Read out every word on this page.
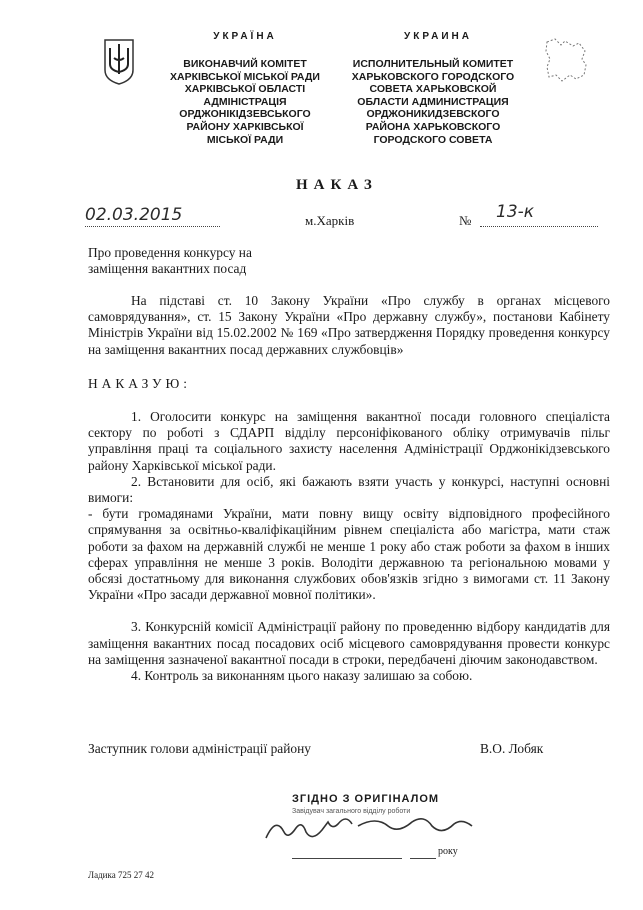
УКРАЇНА
ВИКОНАВЧИЙ КОМІТЕТ
ХАРКІВСЬКОЇ МІСЬКОЇ РАДИ
ХАРКІВСЬКОЇ ОБЛАСТІ
АДМІНІСТРАЦІЯ
ОРДЖОНІКІДЗЕВСЬКОГО
РАЙОНУ ХАРКІВСЬКОЇ
МІСЬКОЇ РАДИ
УКРАИНА
ИСПОЛНИТЕЛЬНЫЙ КОМИТЕТ
ХАРЬКОВСКОГО ГОРОДСКОГО
СОВЕТА ХАРЬКОВСКОЙ
ОБЛАСТИ АДМИНИСТРАЦИЯ
ОРДЖОНИКИДЗЕВСКОГО
РАЙОНА ХАРЬКОВСКОГО
ГОРОДСКОГО СОВЕТА
НАКАЗ
02.03.2015	м.Харків	№ 13-к
Про проведення конкурсу на
заміщення вакантних посад

На підставі ст. 10 Закону України «Про службу в органах місцевого самоврядування», ст. 15 Закону України «Про державну службу», постанови Кабінету Міністрів України від 15.02.2002 № 169 «Про затвердження Порядку проведення конкурсу на заміщення вакантних посад державних службовців»

НАКАЗУЮ:

1. Оголосити конкурс на заміщення вакантної посади головного спеціаліста сектору по роботі з СДАРП відділу персоніфікованого обліку отримувачів пільг управління праці та соціального захисту населення Адміністрації Орджонікідзевського району Харківської міської ради.

2. Встановити для осіб, які бажають взяти участь у конкурсі, наступні основні вимоги:

- бути громадянами України, мати повну вищу освіту відповідного професійного спрямування за освітньо-кваліфікаційним рівнем спеціаліста або магістра, мати стаж роботи за фахом на державній службі не менше 1 року або стаж роботи за фахом в інших сферах управління не менше 3 років. Володіти державною та регіональною мовами у обсязі достатньому для виконання службових обов'язків згідно з вимогами ст. 11 Закону України «Про засади державної мовної політики».

3. Конкурсній комісії Адміністрації району по проведенню відбору кандидатів для заміщення вакантних посад посадових осіб місцевого самоврядування провести конкурс на заміщення зазначеної вакантної посади в строки, передбачені діючим законодавством.

4. Контроль за виконанням цього наказу залишаю за собою.

Заступник голови адміністрації району	В.О. Лобяк
ЗГІДНО З ОРИГІНАЛОМ
Завідувач загального відділу роботи
року
Ладика 725 27 42
